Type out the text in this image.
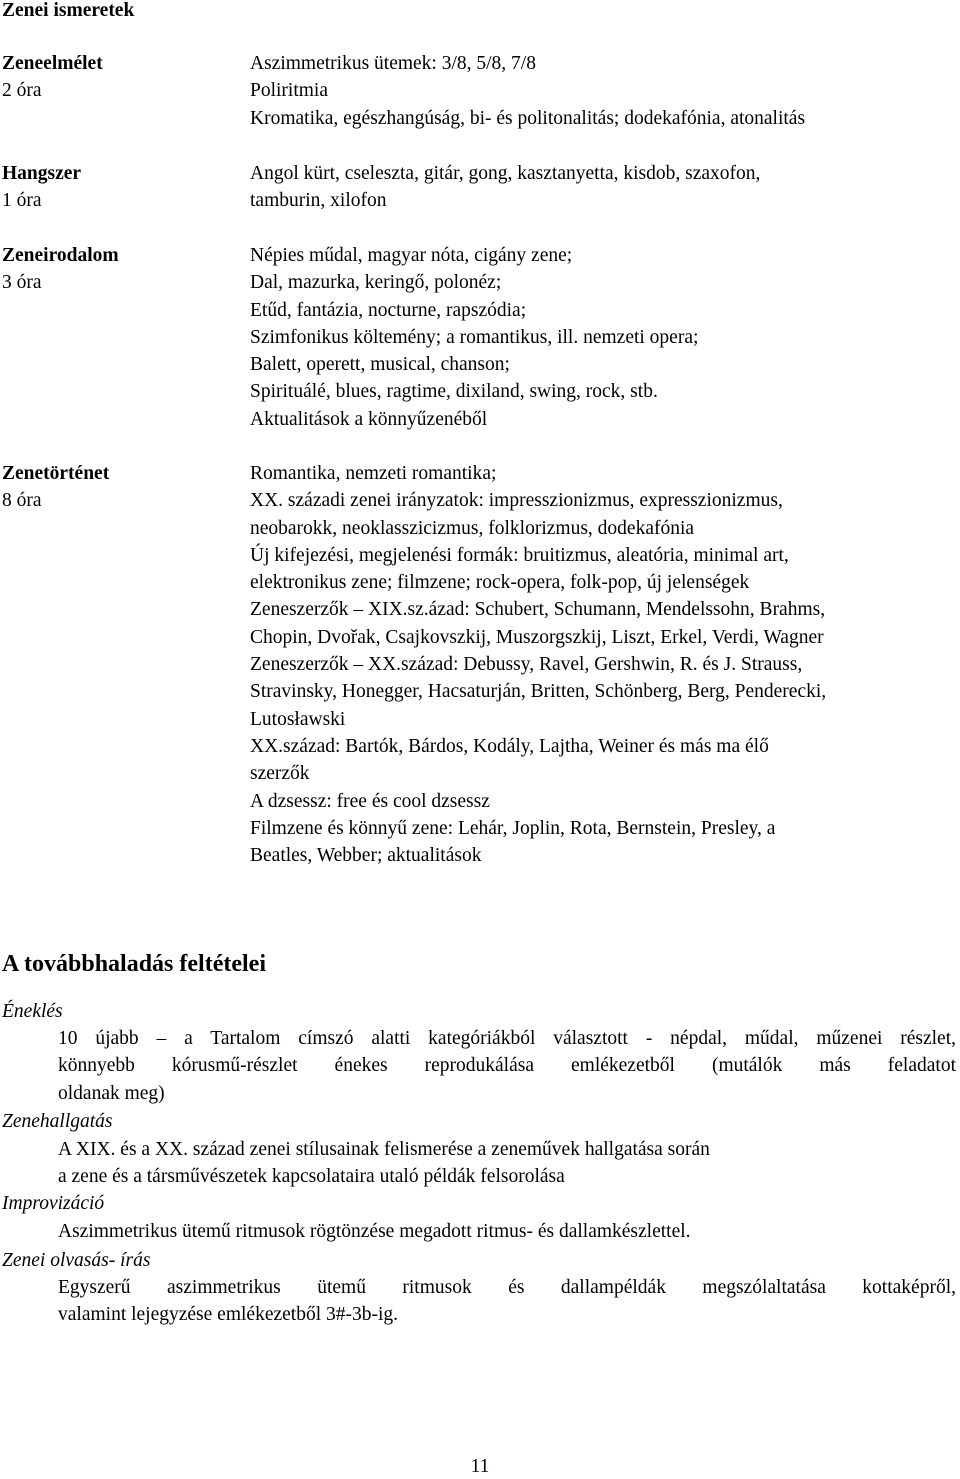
Zenei ismeretek
Zeneelmélet
2 óra
Aszimmetrikus ütemek: 3/8, 5/8, 7/8
Poliritmia
Kromatika, egészhangúság, bi- és politonalitás; dodekafónia, atonalitás
Hangszer
1 óra
Angol kürt, cseleszta, gitár, gong, kasztanyetta, kisdob, szaxofon,
tamburin, xilofon
Zeneirodalom
3 óra
Népies műdal, magyar nóta, cigány zene;
Dal, mazurka, keringő, polonéz;
Etűd, fantázia, nocturne, rapszódia;
Szimfonikus költemény; a romantikus, ill. nemzeti opera;
Balett, operett, musical, chanson;
Spirituálé, blues, ragtime, dixiland, swing, rock, stb.
Aktualitások a könnyűzenéből
Zenetörténet
8 óra
Romantika, nemzeti romantika;
XX. századi zenei irányzatok: impresszionizmus, expresszionizmus,
neobarokk, neoklasszicizmus, folklorizmus, dodekafónia
Új kifejezési, megjelenési formák: bruitizmus, aleatória, minimal art,
elektronikus zene; filmzene; rock-opera, folk-pop, új jelenségek
Zeneszerzők – XIX.sz.ázad: Schubert, Schumann, Mendelssohn, Brahms,
Chopin, Dvořak, Csajkovszkij, Muszorgszkij, Liszt, Erkel, Verdi, Wagner
Zeneszerzők – XX.század: Debussy, Ravel, Gershwin, R. és J. Strauss,
Stravinsky, Honegger, Hacsaturján, Britten, Schönberg, Berg, Penderecki,
Lutosławski
XX.század: Bartók, Bárdos, Kodály, Lajtha, Weiner és más ma élő
szerzők
A dzsessz: free és cool dzsessz
Filmzene és könnyű zene: Lehár, Joplin, Rota, Bernstein, Presley, a
Beatles, Webber; aktualitások
A továbbhaladás feltételei
Éneklés
10 újabb – a Tartalom címszó alatti kategóriákból választott - népdal, műdal, műzenei részlet,
könnyebb kórusmű-részlet énekes reprodukálása emlékezetből (mutálók más feladatot
oldanak meg)
Zenehallgatás
A XIX. és a XX. század zenei stílusainak felismerése a zeneművek hallgatása során
a zene és a társművészetek kapcsolataira utaló példák felsorolása
Improvizáció
Aszimmetrikus ütemű ritmusok rögtönzése megadott ritmus- és dallamkészlettel.
Zenei olvasás- írás
Egyszerű aszimmetrikus ütemű ritmusok és dallampéldák megszólaltatása kottaképről,
valamint lejegyzése emlékezetből 3#-3b-ig.
11
